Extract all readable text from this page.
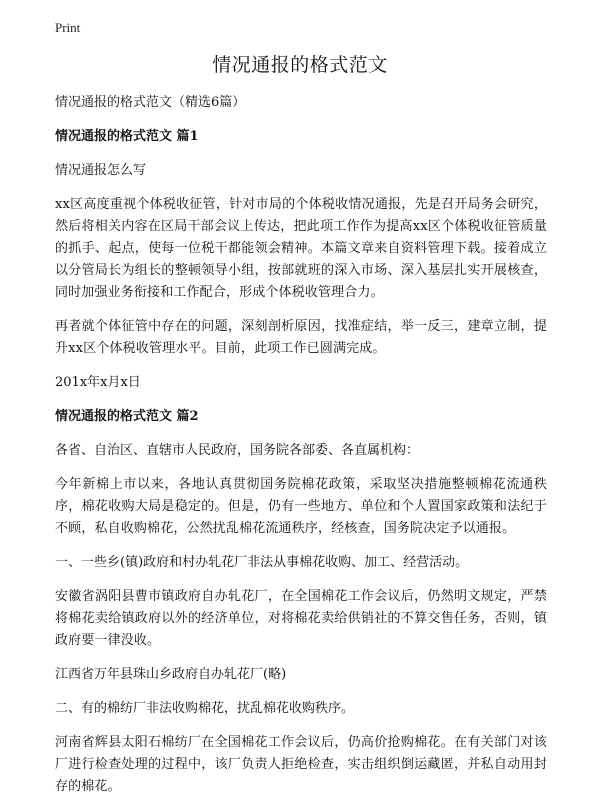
Print
情况通报的格式范文

情况通报的格式范文（精选6篇）

情况通报的格式范文 篇1

情况通报怎么写

xx区高度重视个体税收征管，针对市局的个体税收情况通报，先是召开局务会研究，然后将相关内容在区局干部会议上传达，把此项工作作为提高xx区个体税收征管质量的抓手、起点，使每一位税干都能领会精神。本篇文章来自资料管理下载。接着成立以分管局长为组长的整顿领导小组，按部就班的深入市场、深入基层扎实开展核查，同时加强业务衔接和工作配合，形成个体税收管理合力。

再者就个体征管中存在的问题，深刻剖析原因，找准症结，举一反三，建章立制，提升xx区个体税收管理水平。目前，此项工作已圆满完成。

201x年x月x日

情况通报的格式范文 篇2

各省、自治区、直辖市人民政府，国务院各部委、各直属机构：

今年新棉上市以来，各地认真贯彻国务院棉花政策，采取坚决措施整顿棉花流通秩序，棉花收购大局是稳定的。但是，仍有一些地方、单位和个人置国家政策和法纪于不顾，私自收购棉花，公然扰乱棉花流通秩序，经核查，国务院决定予以通报。

一、一些乡(镇)政府和村办轧花厂非法从事棉花收购、加工、经营活动。

安徽省涡阳县曹市镇政府自办轧花厂，在全国棉花工作会议后，仍然明文规定，严禁将棉花卖给镇政府以外的经济单位，对将棉花卖给供销社的不算交售任务，否则，镇政府要一律没收。

江西省万年县珠山乡政府自办轧花厂(略)

二、有的棉纺厂非法收购棉花，扰乱棉花收购秩序。

河南省辉县太阳石棉纺厂在全国棉花工作会议后，仍高价抢购棉花。在有关部门对该厂进行检查处理的过程中，该厂负责人拒绝检查，实击组织倒运藏匿，并私自动用封存的棉花。
